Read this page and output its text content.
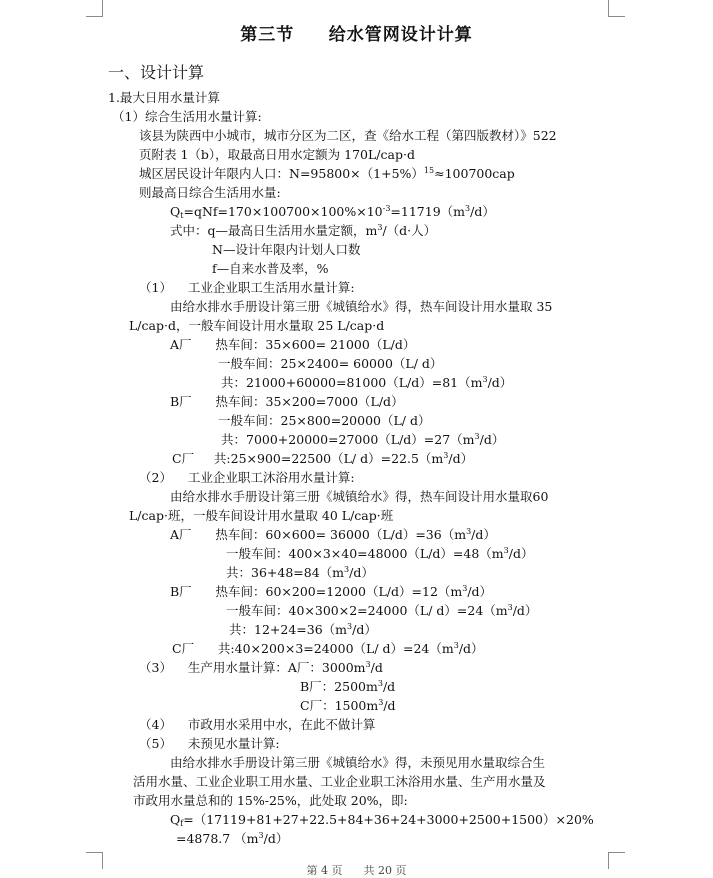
第三节     给水管网设计计算
一、设计计算
1.最大日用水量计算
（1）综合生活用水量计算:
该县为陕西中小城市，城市分区为二区，查《给水工程（第四版教材）》522
页附表 1（b），取最高日用水定额为 170L/cap·d
城区居民设计年限内人口：$N=95800\times(1+5\%)^{15}\approx 100700cap$
则最高日综合生活用水量:
$Q_t=qNf=170\times 100700\times 100\%\times 10^{-3}=11719(m^3/d)$
式中：q—最高日生活用水量定额，$m^3/(d\cdot$人）
N—设计年限内计划人口数
f—自来水普及率，%
（1）    工业企业职工生活用水量计算:
由给水排水手册设计第三册《城镇给水》得，热车间设计用水量取 35
L/cap·d，一般车间设计用水量取 25 L/cap·d
A厂      热车间：35×600= 21000（L/d）
一般车间：25×2400= 60000（L/ d）
共：$21000+60000=81000(L/d)=81(m^3/d)$
B厂      热车间：35×200=7000（L/d）
一般车间：25×800=20000（L/ d）
共：$7000+20000=27000(L/d)=27(m^3/d)$
C厂     共:25×900=22500（L/ $d)=22.5(m^3/d)$
（2）    工业企业职工沐浴用水量计算:
由给水排水手册设计第三册《城镇给水》得，热车间设计用水量取60
L/cap·班，一般车间设计用水量取 40 L/cap·班
A厂      热车间：$60\times 600= 36000(L/d)=36(m^3/d)$
一般车间：$400\times 3\times 40=48000(L/d)=48(m^3/d)$
共：$36+48=84(m^3/d)$
B厂      热车间：$60\times 200=12000(L/d)=12(m^3/d)$
一般车间：40×300×2=24000（L/ $d)=24(m^3/d)$
共：$12+24=36(m^3/d)$
C厂      共:40×200×3=24000（L/ $d)=24(m^3/d)$
（3）    生产用水量计算：A厂：$3000m^3/d$
B厂：$2500m^3/d$
C厂：$1500m^3/d$
（4）    市政用水采用中水，在此不做计算
（5）    未预见水量计算:
由给水排水手册设计第三册《城镇给水》得，未预见用水量取综合生
活用水量、工业企业职工用水量、工业企业职工沐浴用水量、生产用水量及
市政用水量总和的 15%-25%，此处取 20%，即:
$Q_f=(17119+81+27+22.5+84+36+24+3000+2500+1500)\times 20\%$
=4878.7 $(m^3/d)$
第 4 页      共 20 页
